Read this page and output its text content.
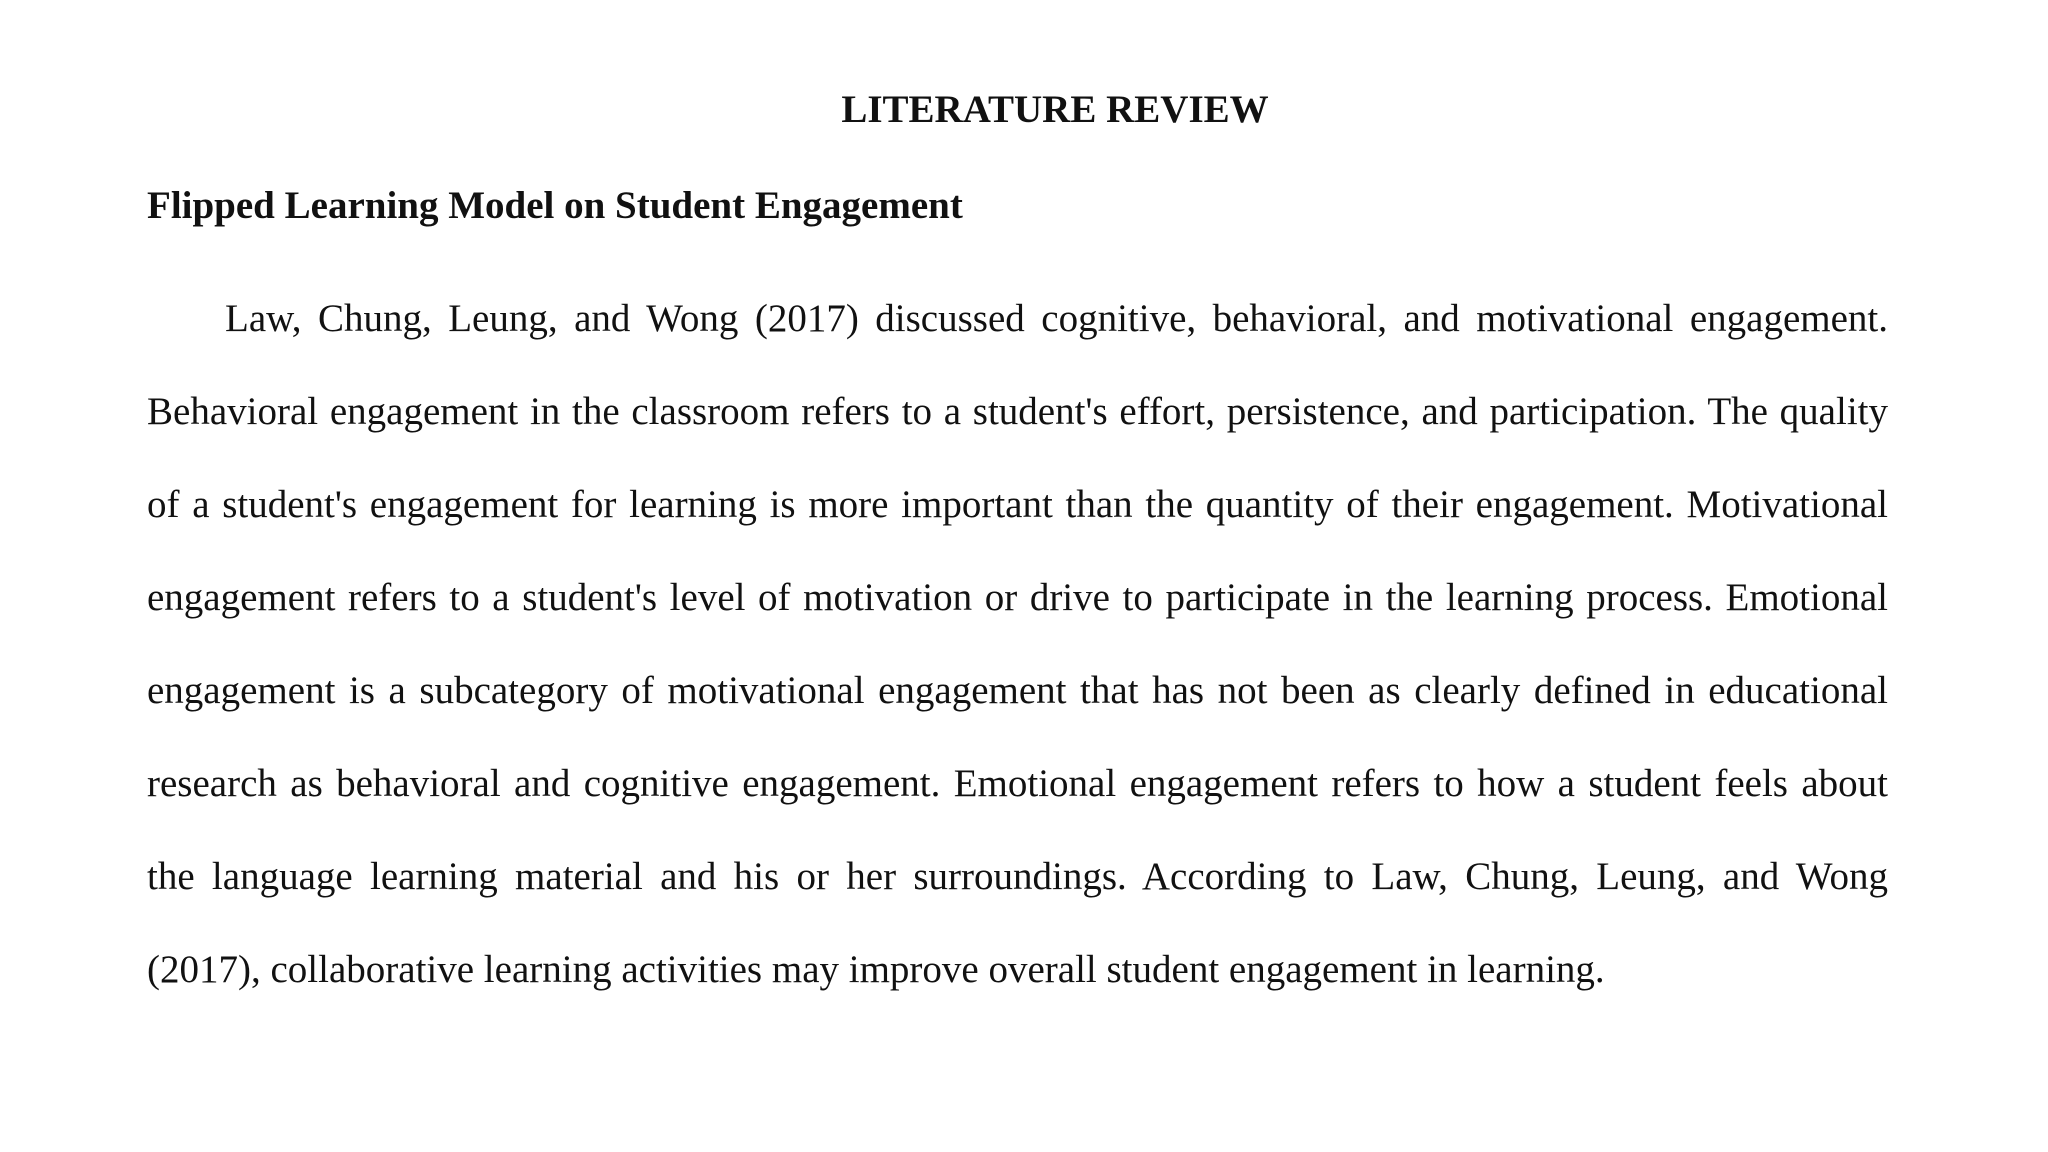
LITERATURE REVIEW
Flipped Learning Model on Student Engagement

Law, Chung, Leung, and Wong (2017) discussed cognitive, behavioral, and motivational engagement. Behavioral engagement in the classroom refers to a student's effort, persistence, and participation. The quality of a student's engagement for learning is more important than the quantity of their engagement. Motivational engagement refers to a student's level of motivation or drive to participate in the learning process. Emotional engagement is a subcategory of motivational engagement that has not been as clearly defined in educational research as behavioral and cognitive engagement. Emotional engagement refers to how a student feels about the language learning material and his or her surroundings. According to Law, Chung, Leung, and Wong (2017), collaborative learning activities may improve overall student engagement in learning.
